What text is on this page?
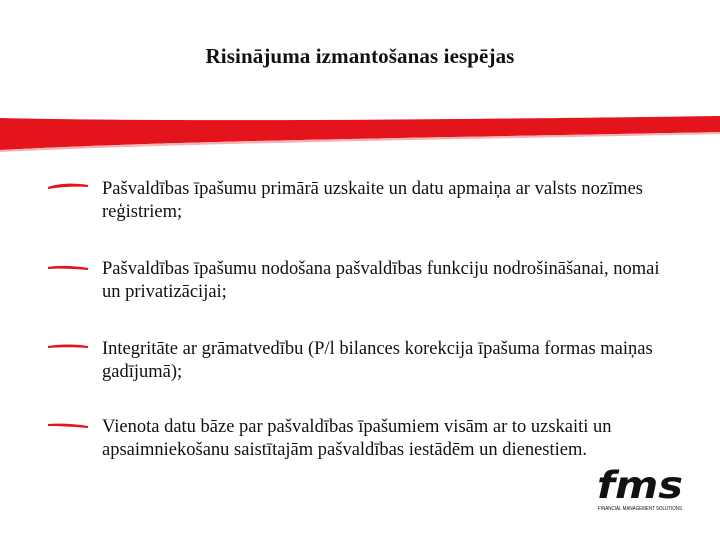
Risinājuma izmantošanas iespējas
Pašvaldības īpašumu primārā uzskaite un datu apmaiņa ar valsts nozīmes reģistriem;
Pašvaldības īpašumu nodošana pašvaldības funkciju nodrošināšanai, nomai un privatizācijai;
Integritāte ar grāmatvedību (P/l bilances korekcija īpašuma formas maiņas gadījumā);
Vienota datu bāze par pašvaldības īpašumiem visām ar to uzskaiti un apsaimniekošanu saistītajām pašvaldības iestādēm un dienestiem.
fms
FINANCIAL MANAGEMENT SOLUTIONS
